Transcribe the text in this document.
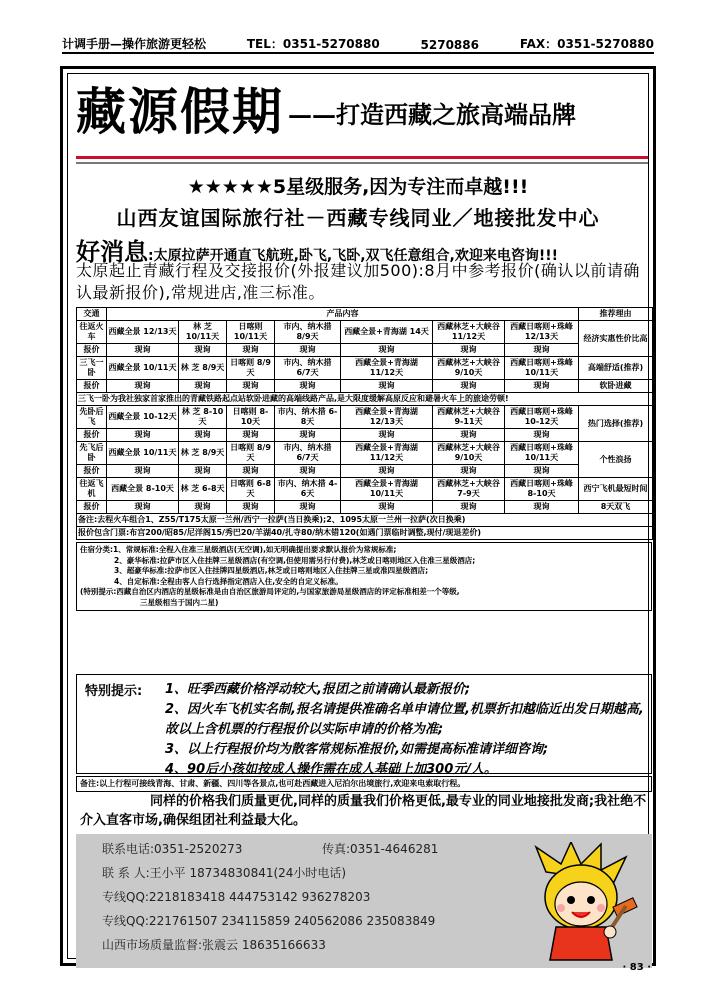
计调手册—操作旅游更轻松	TEL：0351-5270880	5270886	FAX：0351-5270880
藏源假期 ——打造西藏之旅高端品牌
★★★★★5星级服务,因为专注而卓越!!!
山西友谊国际旅行社－西藏专线同业／地接批发中心
好消息:太原拉萨开通直飞航班,卧飞,飞卧,双飞任意组合,欢迎来电咨询!!!
太原起止青藏行程及交接报价(外报建议加500):8月中参考报价(确认以前请确认最新报价),常规进店,准三标准。
交通	产品内容							推荐理由
往返火车	西藏全景 12/13天	林 芝 10/11天	日喀则 10/11天	市内、纳木措 8/9天	西藏全景+青海湖 14天	西藏林芝+大峡谷 11/12天	西藏日喀则+珠峰 12/13天	经济实惠性价比高
报价	现询	现询	现询	现询	现询	现询	现询	
三飞一卧	西藏全景 10/11天	林 芝 8/9天	日喀则 8/9天	市内、纳木措 6/7天	西藏全景+青海湖 11/12天	西藏林芝+大峡谷 9/10天	西藏日喀则+珠峰 10/11天	高端舒适(推荐)
报价	现询	现询	现询	现询	现询	现询	现询	软卧进藏
三飞一卧为我社独家首家推出的青藏铁路起点站软卧进藏的高端线路产品,是大限度缓解高原反应和避暑火车上的旅途劳顿!								
先卧后飞	西藏全景 10-12天	林 芝 8-10天	日喀则 8-10天	市内、纳木措 6-8天	西藏全景+青海湖 12/13天	西藏林芝+大峡谷 9-11天	西藏日喀则+珠峰 10-12天	热门选择(推荐)
报价	现询	现询	现询	现询	现询	现询	现询	
先飞后卧	西藏全景 10/11天	林 芝 8/9天	日喀则 8/9天	市内、纳木措 6/7天	西藏全景+青海湖 11/12天	西藏林芝+大峡谷 9/10天	西藏日喀则+珠峰 10/11天	个性浪扬
报价	现询	现询	现询	现询	现询	现询	现询	
往返飞机	西藏全景 8-10天	林 芝 6-8天	日喀则 6-8天	市内、纳木措 4-6天	西藏全景+青海湖 10/11天	西藏林芝+大峡谷 7-9天	西藏日喀则+珠峰 8-10天	西宁飞机最短时间
报价	现询	现询	现询	现询	现询	现询	现询	8天双飞
备注:去程火车组合1、Z55/T175太原一兰州/西宁一拉萨(当日换乘);2、1095太原一兰州一拉萨(次日换乘)								
报价包含门票:布宫200/昭85/尼洋阁15/秀巴20/羊湖40/扎寺80/纳木错120(如遇门票临时调整,现付/现退差价)								
住宿分类:1、常规标准:全程入住准三星级酒店(无空调),如无明确提出要求默认报价为常规标准;
2、豪华标准:拉萨市区入住挂牌三星级酒店(有空调,但使用需另行付费),林芝或日喀则地区入住准三星级酒店;
3、超豪华标准:拉萨市区入住挂牌四星级酒店,林芝或日喀则地区入住挂牌三星或准四星级酒店;
4、自定标准:全程由客人自行选择指定酒店入住,安全的自定义标准。
(特别提示:西藏自治区内酒店的星级标准是由自治区旅游局评定的,与国家旅游局星级酒店的评定标准相差一个等级,
三星级相当于国内二星)
特别提示: 1、旺季西藏价格浮动较大,报团之前请确认最新报价;
2、因火车飞机实名制,报名请提供准确名单申请位置,机票折扣越临近出发日期越高,故以上含机票的行程报价以实际申请的价格为准;
3、以上行程报价均为散客常规标准报价,如需提高标准请详细咨询;
4、90后小孩如按成人操作需在成人基础上加300元/人。
备注:以上行程可接线青海、甘肃、新疆、四川等各景点,也可赴西藏进入尼泊尔出境旅行,欢迎来电索取行程。
同样的价格我们质量更优,同样的质量我们价格更低,最专业的同业地接批发商;我社绝不介入直客市场,确保组团社利益最大化。
联系电话:0351-2520273	传真:0351-4646281
联 系 人:王小平 18734830841(24小时电话)
专线QQ:2218183418 444753142 936278203
专线QQ:221761507 234115859 240562086 235083849
山西市场质量监督:张震云 18635166633
· 83 ·
